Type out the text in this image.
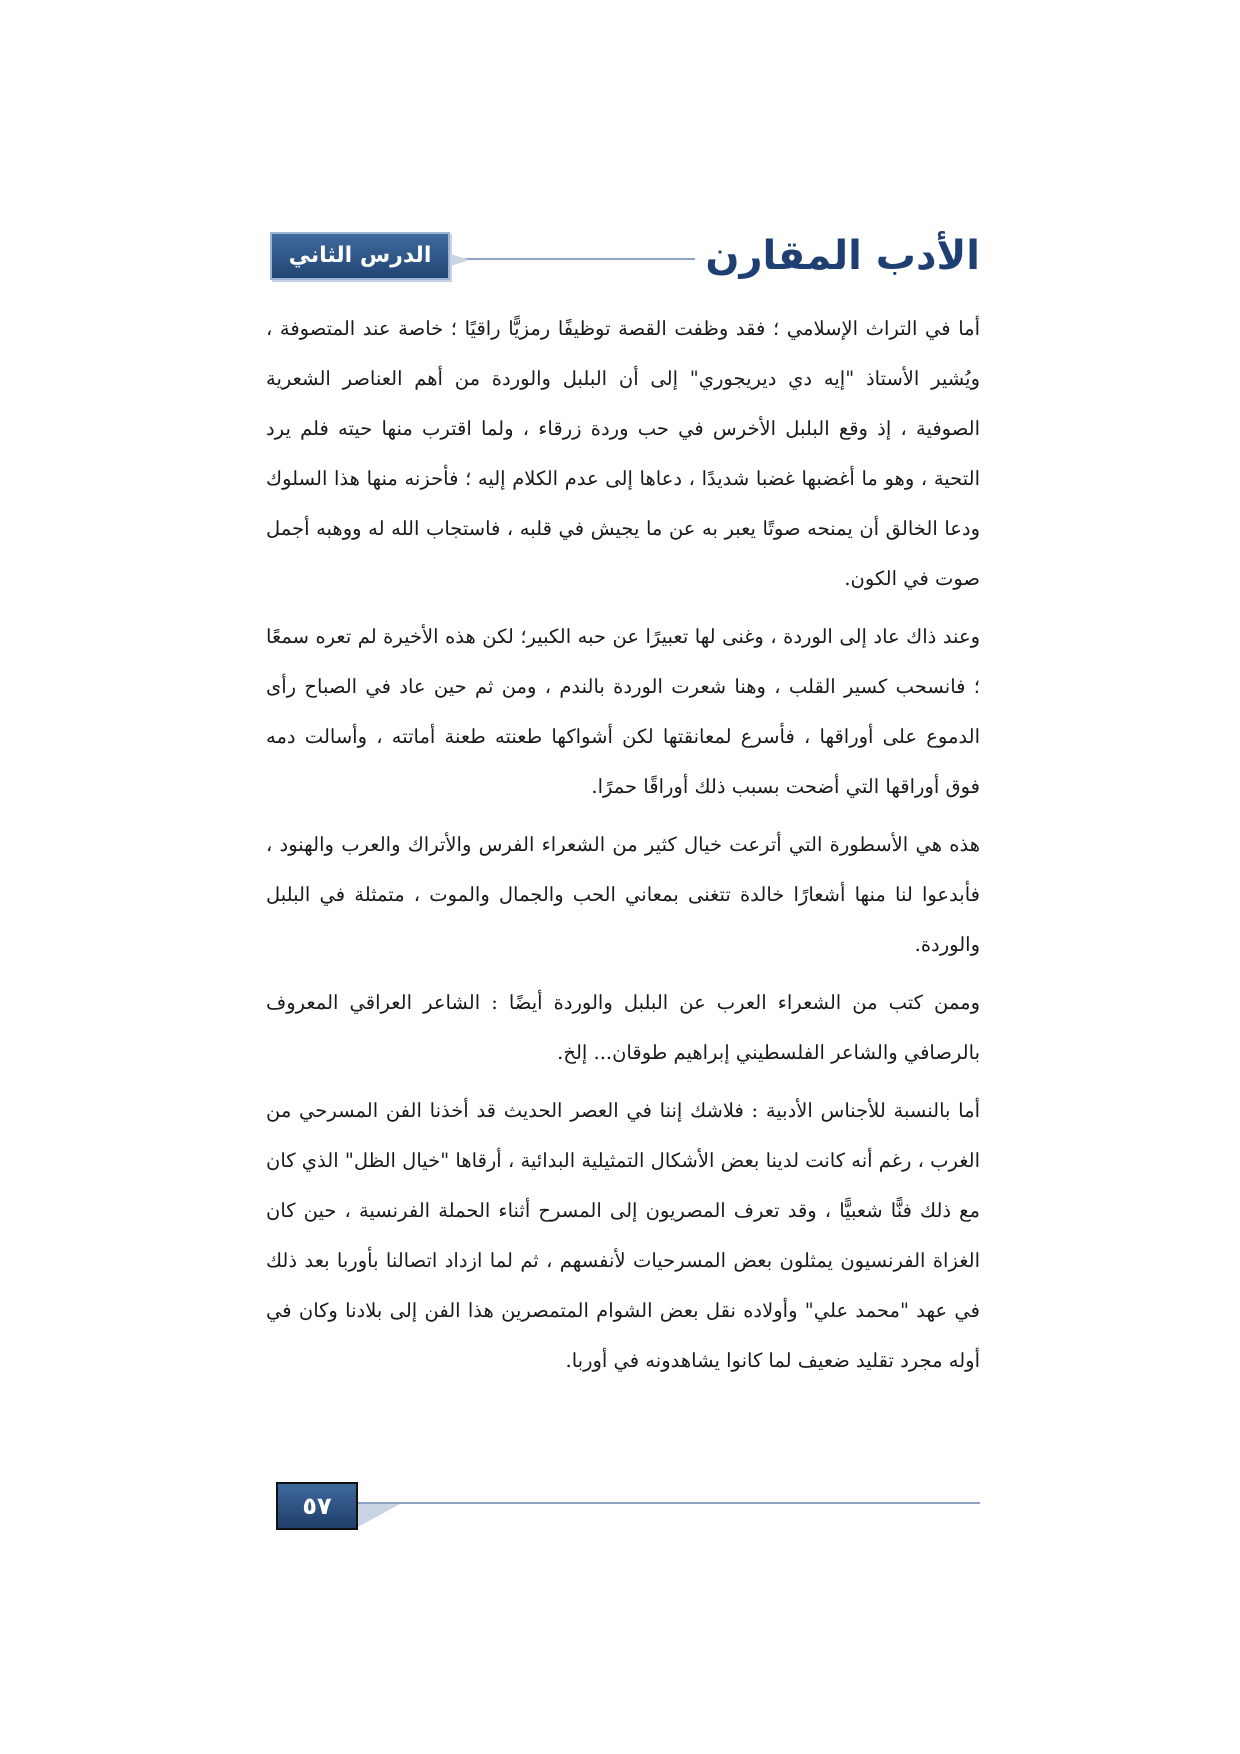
الأدب المقارن
الدرس الثاني

أما في التراث الإسلامي ؛ فقد وظفت القصة توظيفًا رمزيًّا راقيًا ؛ خاصة عند المتصوفة ، ويُشير الأستاذ "إيه دي ديريجوري" إلى أن البلبل والوردة من أهم العناصر الشعرية الصوفية ، إذ وقع البلبل الأخرس في حب وردة زرقاء ، ولما اقترب منها حيته فلم يرد التحية ، وهو ما أغضبها غضبا شديدًا ، دعاها إلى عدم الكلام إليه ؛ فأحزنه منها هذا السلوك ودعا الخالق أن يمنحه صوتًا يعبر به عن ما يجيش في قلبه ، فاستجاب الله له ووهبه أجمل صوت في الكون.

وعند ذاك عاد إلى الوردة ، وغنى لها تعبيرًا عن حبه الكبير؛ لكن هذه الأخيرة لم تعره سمعًا ؛ فانسحب كسير القلب ، وهنا شعرت الوردة بالندم ، ومن ثم حين عاد في الصباح رأى الدموع على أوراقها ، فأسرع لمعانقتها لكن أشواكها طعنته طعنة أماتته ، وأسالت دمه فوق أوراقها التي أضحت بسبب ذلك أوراقًا حمرًا.

هذه هي الأسطورة التي أترعت خيال كثير من الشعراء الفرس والأتراك والعرب والهنود ، فأبدعوا لنا منها أشعارًا خالدة تتغنى بمعاني الحب والجمال والموت ، متمثلة في البلبل والوردة.

وممن كتب من الشعراء العرب عن البلبل والوردة أيضًا : الشاعر العراقي المعروف بالرصافي والشاعر الفلسطيني إبراهيم طوقان... إلخ.

أما بالنسبة للأجناس الأدبية : فلاشك إننا في العصر الحديث قد أخذنا الفن المسرحي من الغرب ، رغم أنه كانت لدينا بعض الأشكال التمثيلية البدائية ، أرقاها "خيال الظل" الذي كان مع ذلك فنًّا شعبيًّا ، وقد تعرف المصريون إلى المسرح أثناء الحملة الفرنسية ، حين كان الغزاة الفرنسيون يمثلون بعض المسرحيات لأنفسهم ، ثم لما ازداد اتصالنا بأوربا بعد ذلك في عهد "محمد علي" وأولاده نقل بعض الشوام المتمصرين هذا الفن إلى بلادنا وكان في أوله مجرد تقليد ضعيف لما كانوا يشاهدونه في أوربا.

٥٧
